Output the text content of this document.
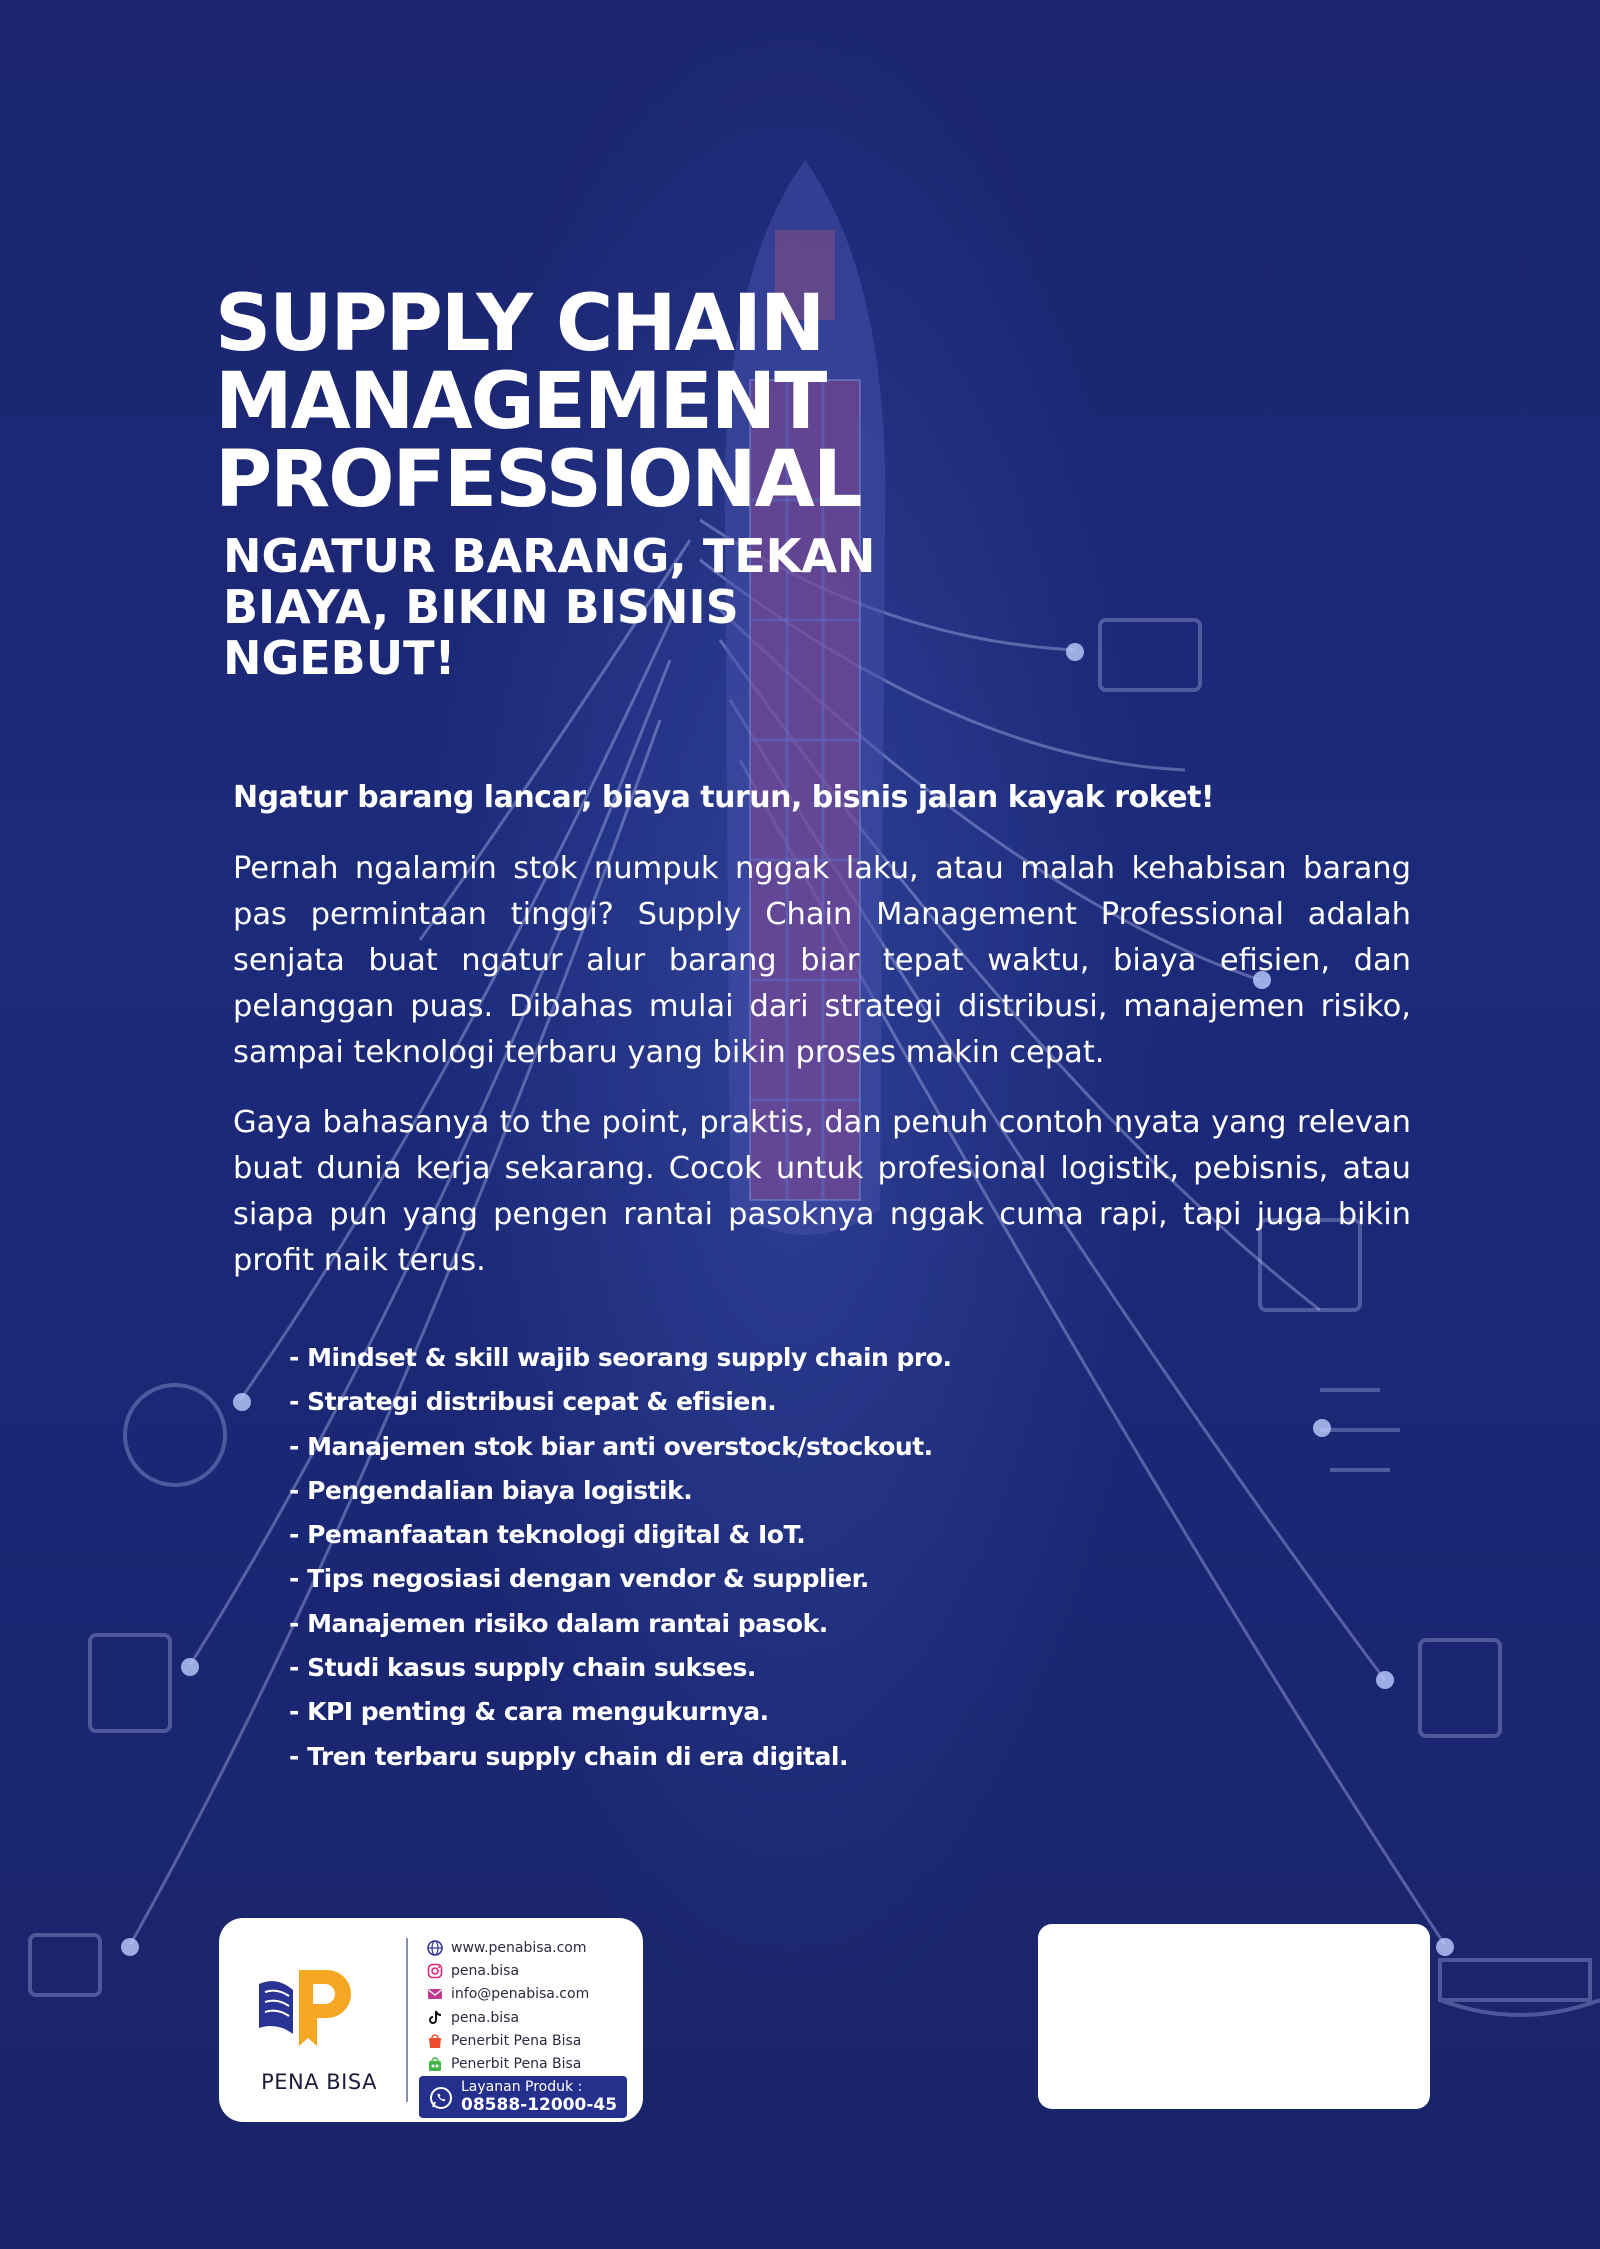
SUPPLY CHAIN
MANAGEMENT
PROFESSIONAL
NGATUR BARANG, TEKAN
BIAYA, BIKIN BISNIS
NGEBUT!
Ngatur barang lancar, biaya turun, bisnis jalan kayak roket!

Pernah ngalamin stok numpuk nggak laku, atau malah kehabisan barang pas permintaan tinggi? Supply Chain Management Professional adalah senjata buat ngatur alur barang biar tepat waktu, biaya efisien, dan pelanggan puas. Dibahas mulai dari strategi distribusi, manajemen risiko, sampai teknologi terbaru yang bikin proses makin cepat.

Gaya bahasanya to the point, praktis, dan penuh contoh nyata yang relevan buat dunia kerja sekarang. Cocok untuk profesional logistik, pebisnis, atau siapa pun yang pengen rantai pasoknya nggak cuma rapi, tapi juga bikin profit naik terus.

- Mindset & skill wajib seorang supply chain pro.
- Strategi distribusi cepat & efisien.
- Manajemen stok biar anti overstock/stockout.
- Pengendalian biaya logistik.
- Pemanfaatan teknologi digital & IoT.
- Tips negosiasi dengan vendor & supplier.
- Manajemen risiko dalam rantai pasok.
- Studi kasus supply chain sukses.
- KPI penting & cara mengukurnya.
- Tren terbaru supply chain di era digital.
PENA BISA
www.penabisa.com
pena.bisa
info@penabisa.com
pena.bisa
Penerbit Pena Bisa
Penerbit Pena Bisa
Layanan Produk :
08588-12000-45
